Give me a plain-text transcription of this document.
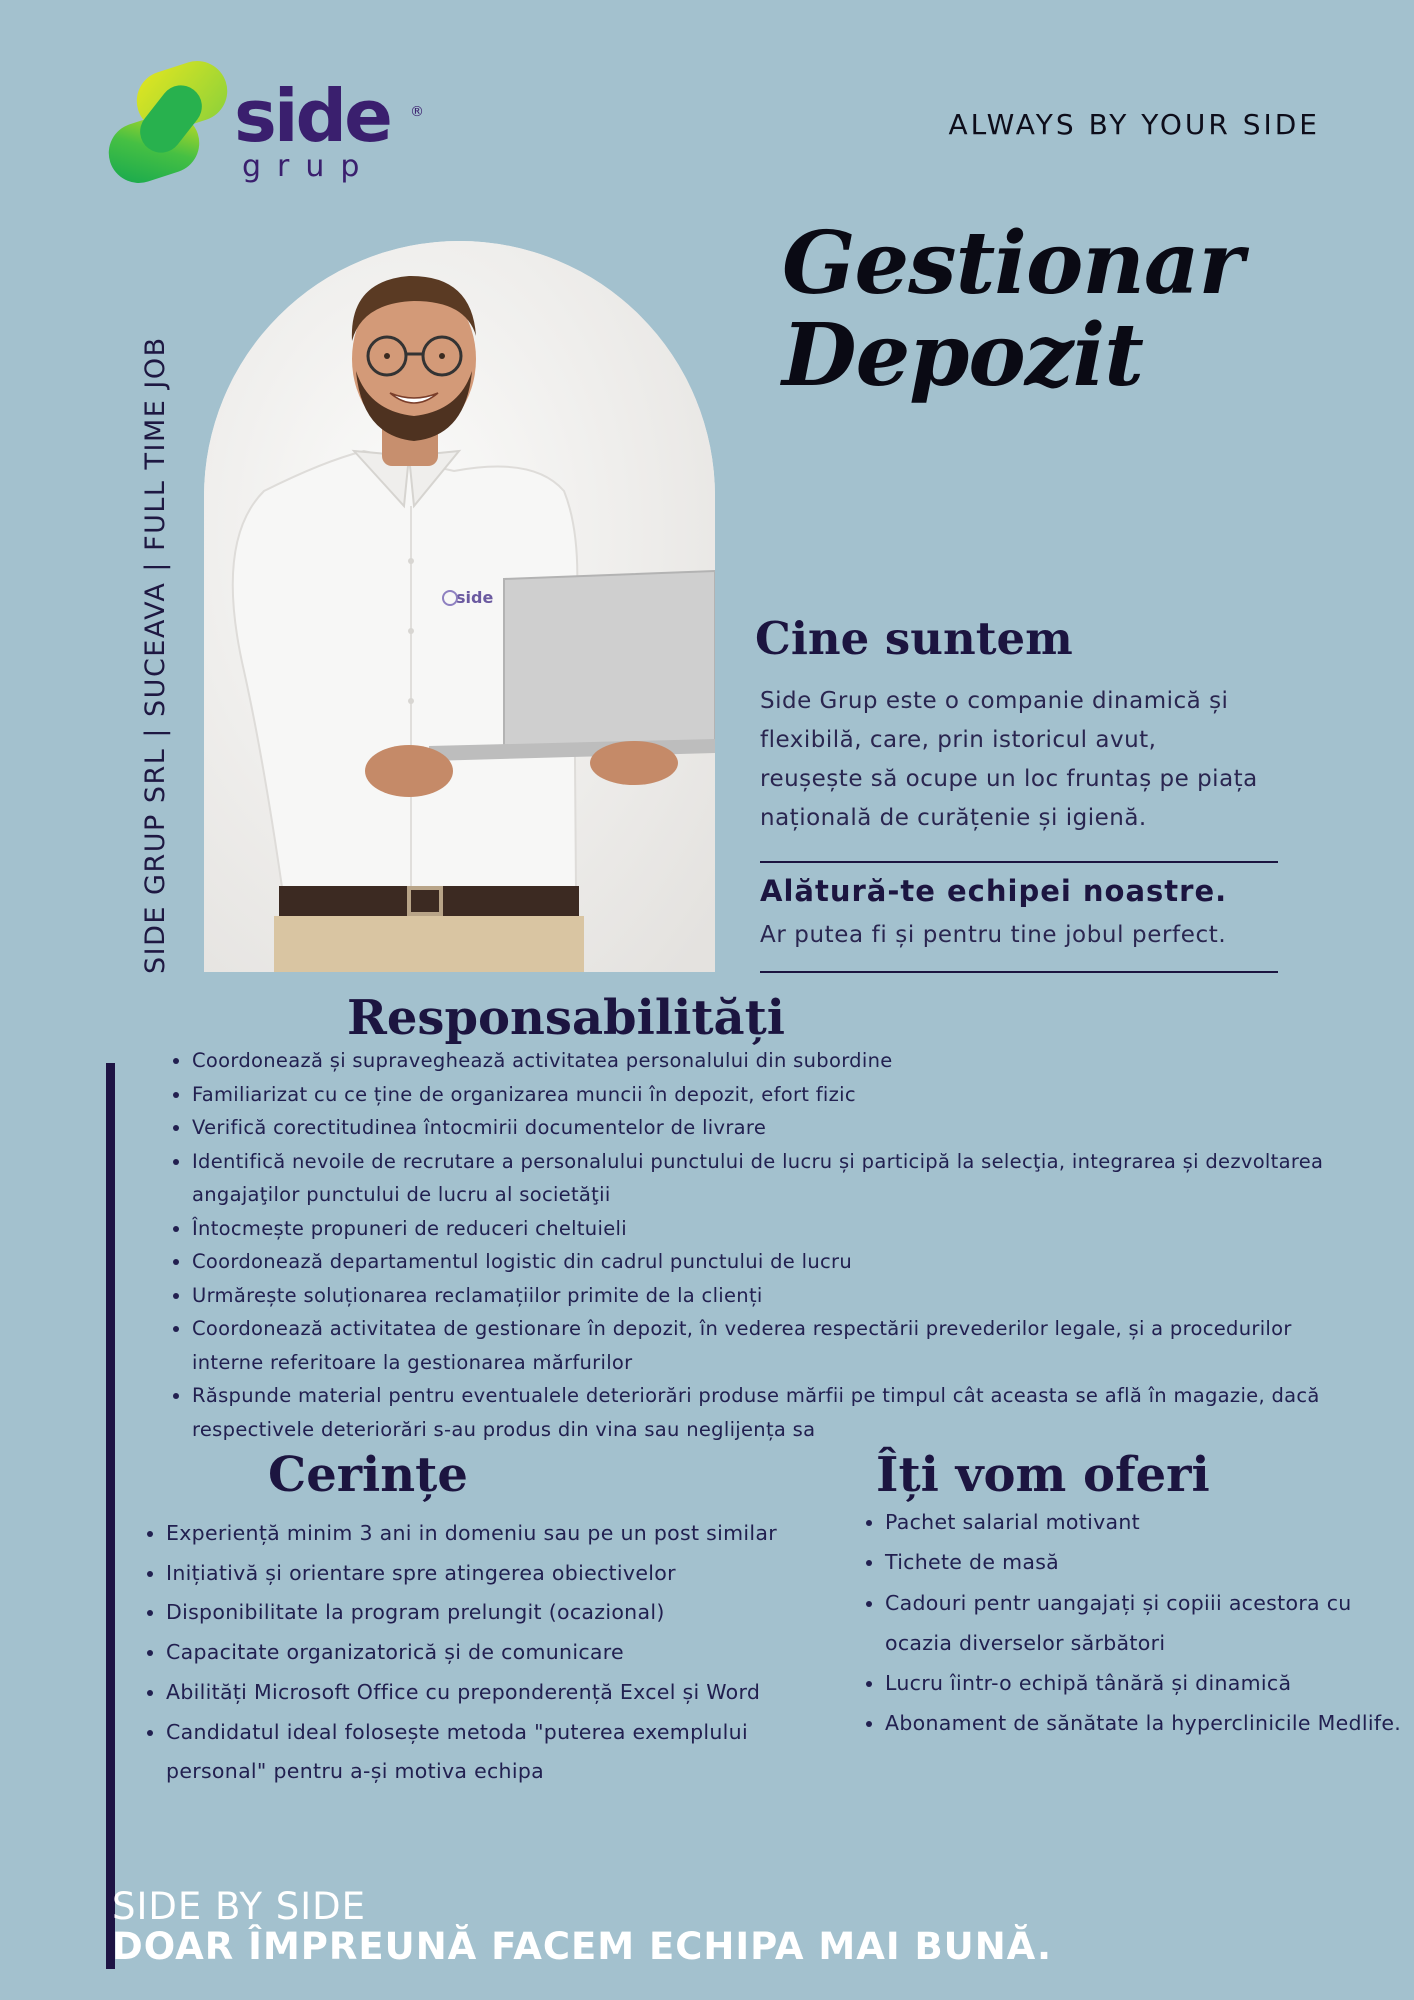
side ®
grup
ALWAYS BY YOUR SIDE
Gestionar
Depozit
SIDE GRUP SRL | SUCEAVA | FULL TIME JOB	side
Cine suntem
Side Grup este o companie dinamică și
flexibilă, care, prin istoricul avut,
reușește să ocupe un loc fruntaș pe piața
națională de curățenie și igienă.
Alătură-te echipei noastre.
Ar putea fi și pentru tine jobul perfect.
Responsabilități
• Coordonează și supraveghează activitatea personalului din subordine
• Familiarizat cu ce ține de organizarea muncii în depozit, efort fizic
• Verifică corectitudinea întocmirii documentelor de livrare
• Identifică nevoile de recrutare a personalului punctului de lucru și participă la selecţia, integrarea și dezvoltarea angajaţilor punctului de lucru al societăţii
• Întocmește propuneri de reduceri cheltuieli
• Coordonează departamentul logistic din cadrul punctului de lucru
• Urmărește soluționarea reclamațiilor primite de la clienți
• Coordonează activitatea de gestionare în depozit, în vederea respectării prevederilor legale, și a procedurilor interne referitoare la gestionarea mărfurilor
• Răspunde material pentru eventualele deteriorări produse mărfii pe timpul cât aceasta se află în magazie, dacă respectivele deteriorări s-au produs din vina sau neglijența sa
Cerințe
• Experiență minim 3 ani in domeniu sau pe un post similar
• Inițiativă și orientare spre atingerea obiectivelor
• Disponibilitate la program prelungit (ocazional)
• Capacitate organizatorică și de comunicare
• Abilități Microsoft Office cu preponderență Excel și Word
• Candidatul ideal folosește metoda "puterea exemplului personal" pentru a-și motiva echipa
Îți vom oferi
• Pachet salarial motivant
• Tichete de masă
• Cadouri pentr uangajați și copiii acestora cu ocazia diverselor sărbători
• Lucru îintr-o echipă tânără și dinamică
• Abonament de sănătate la hyperclinicile Medlife.
SIDE BY SIDE
DOAR ÎMPREUNĂ FACEM ECHIPA MAI BUNĂ.
